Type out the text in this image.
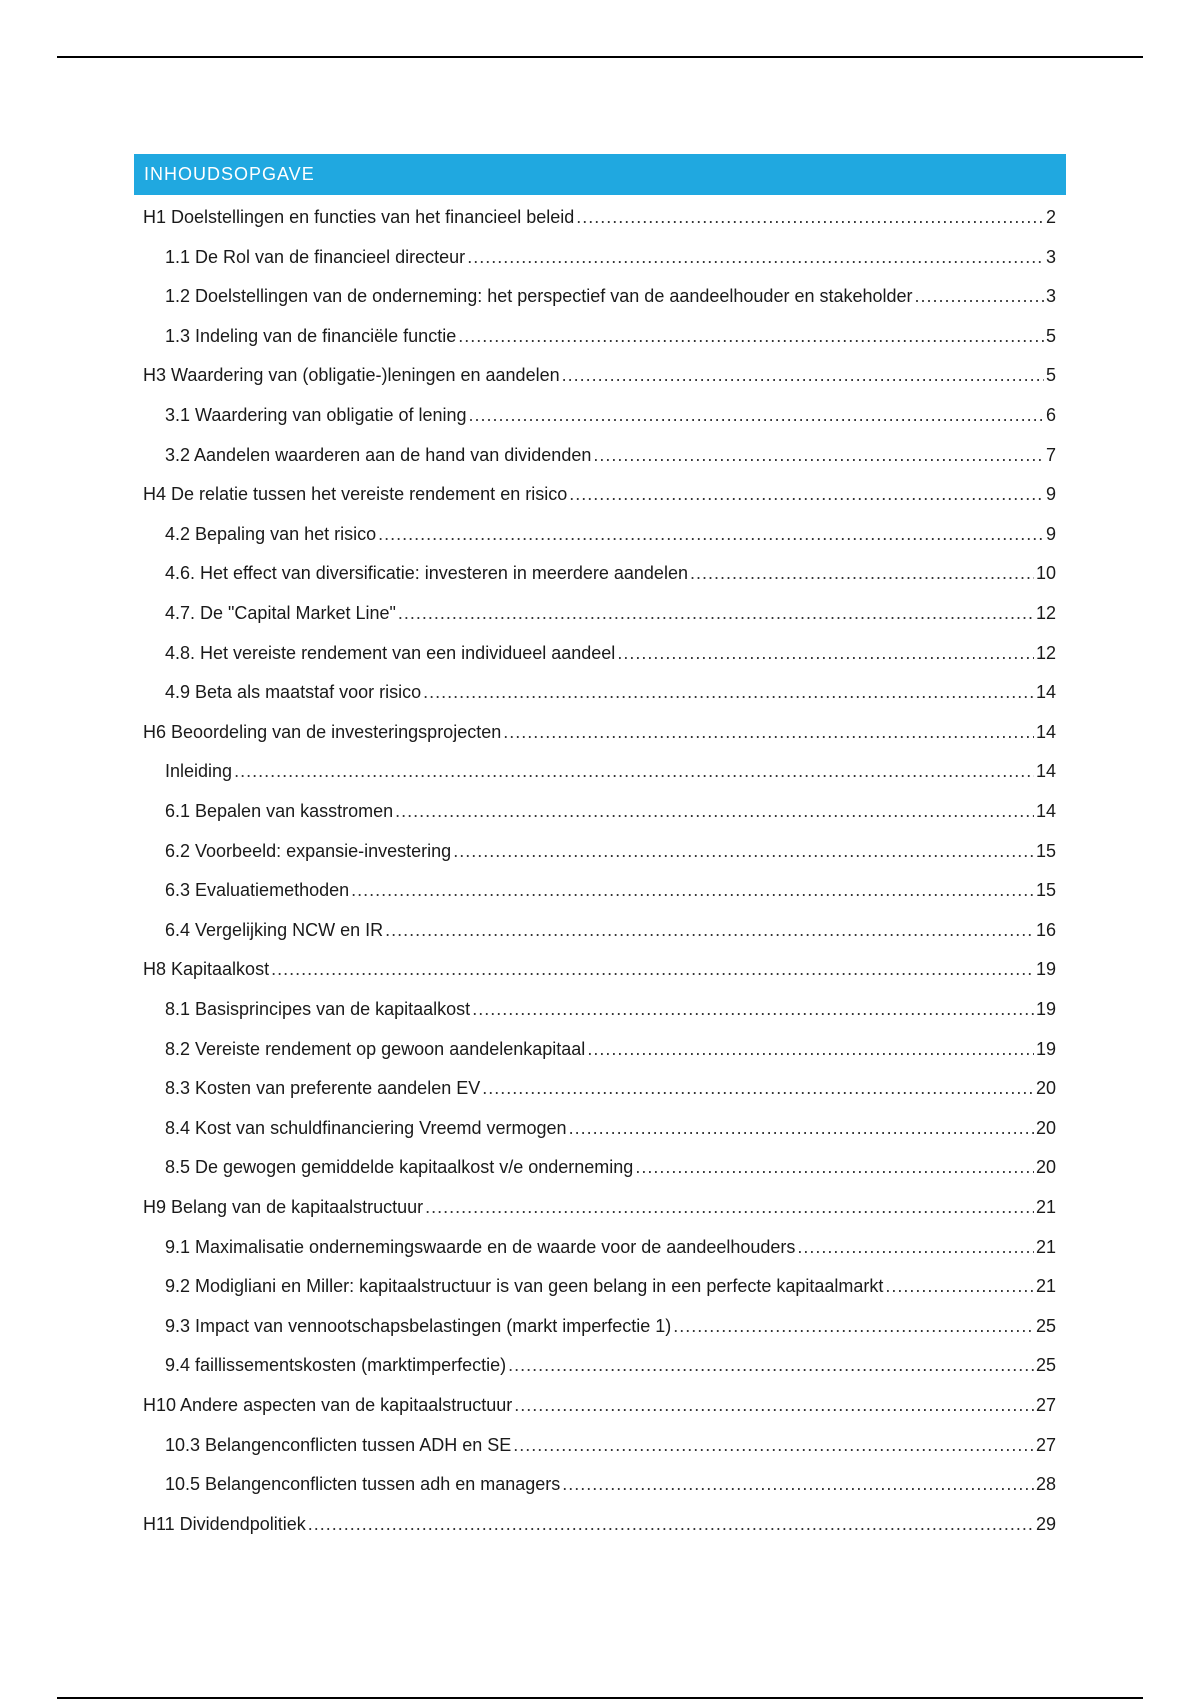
INHOUDSOPGAVE
H1 Doelstellingen en functies van het financieel beleid .....	2
1.1 De Rol van de financieel directeur .....	3
1.2 Doelstellingen van de onderneming: het perspectief van de aandeelhouder en stakeholder .....	3
1.3 Indeling van de financiële functie .....	5
H3 Waardering van (obligatie-)leningen en aandelen .....	5
3.1 Waardering van obligatie of lening .....	6
3.2 Aandelen waarderen aan de hand van dividenden .....	7
H4 De relatie tussen het vereiste rendement en risico .....	9
4.2 Bepaling van het risico .....	9
4.6. Het effect van diversificatie: investeren in meerdere aandelen .....	10
4.7. De "Capital Market Line" .....	12
4.8. Het vereiste rendement van een individueel aandeel .....	12
4.9 Beta als maatstaf voor risico .....	14
H6 Beoordeling van de investeringsprojecten .....	14
Inleiding .....	14
6.1 Bepalen van kasstromen .....	14
6.2 Voorbeeld: expansie-investering .....	15
6.3 Evaluatiemethoden .....	15
6.4 Vergelijking NCW en IR .....	16
H8 Kapitaalkost .....	19
8.1 Basisprincipes van de kapitaalkost .....	19
8.2 Vereiste rendement op gewoon aandelenkapitaal .....	19
8.3 Kosten van preferente aandelen EV .....	20
8.4 Kost van schuldfinanciering Vreemd vermogen .....	20
8.5 De gewogen gemiddelde kapitaalkost v/e onderneming .....	20
H9 Belang van de kapitaalstructuur .....	21
9.1 Maximalisatie ondernemingswaarde en de waarde voor de aandeelhouders .....	21
9.2 Modigliani en Miller: kapitaalstructuur is van geen belang in een perfecte kapitaalmarkt .....	21
9.3 Impact van vennootschapsbelastingen (markt imperfectie 1) .....	25
9.4 faillissementskosten (marktimperfectie) .....	25
H10 Andere aspecten van de kapitaalstructuur .....	27
10.3 Belangenconflicten tussen ADH en SE .....	27
10.5 Belangenconflicten tussen adh en managers .....	28
H11 Dividendpolitiek .....	29
